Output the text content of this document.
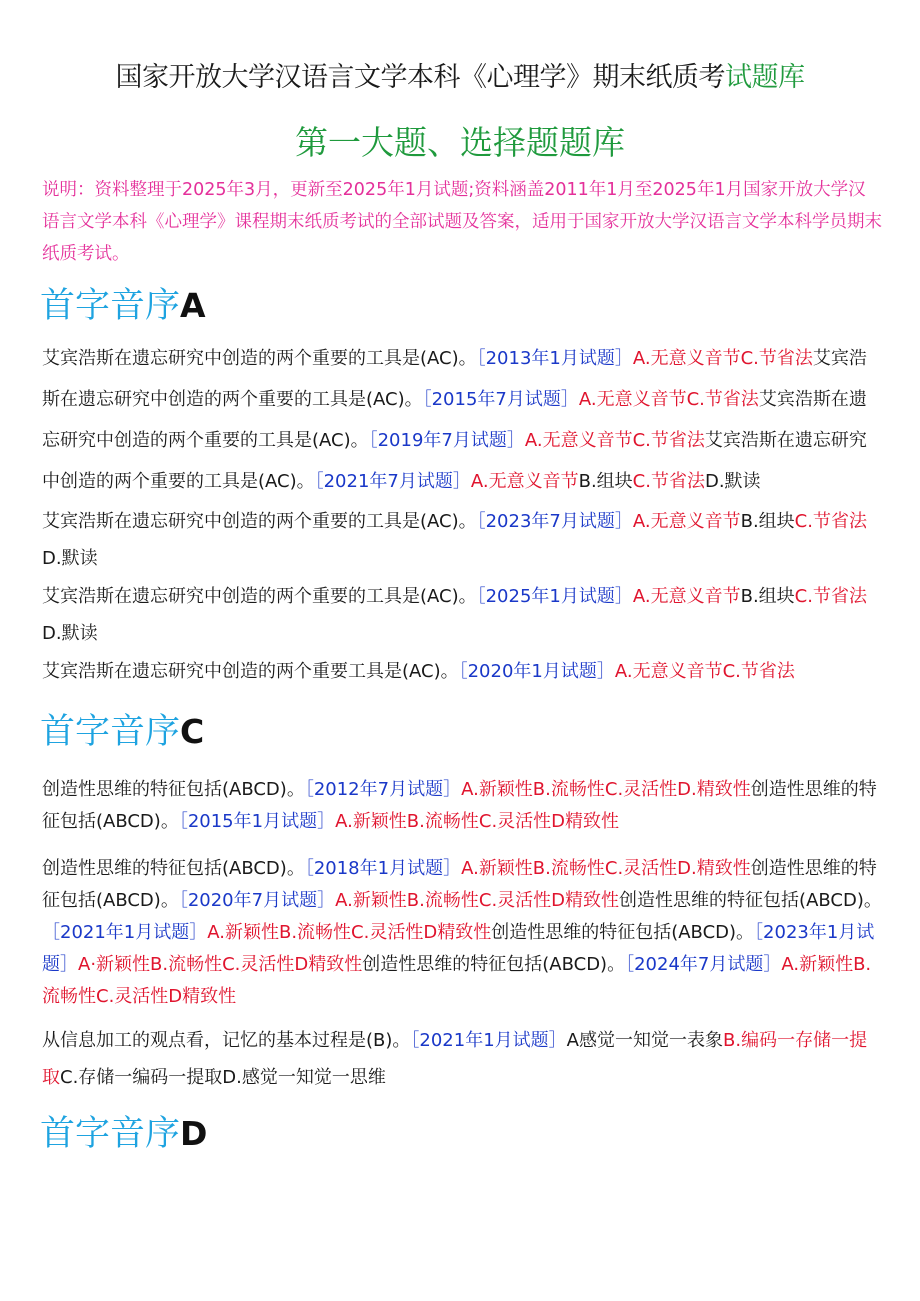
国家开放大学汉语言文学本科《心理学》期末纸质考试题库
第一大题、选择题题库
说明：资料整理于2025年3月，更新至2025年1月试题;资料涵盖2011年1月至2025年1月国家开放大学汉语言文学本科《心理学》课程期末纸质考试的全部试题及答案，适用于国家开放大学汉语言文学本科学员期末纸质考试。
首字音序A
艾宾浩斯在遗忘研究中创造的两个重要的工具是(AC)。［2013年1月试题］A.无意义音节C.节省法艾宾浩斯在遗忘研究中创造的两个重要的工具是(AC)。［2015年7月试题］A.无意义音节C.节省法艾宾浩斯在遗忘研究中创造的两个重要的工具是(AC)。［2019年7月试题］A.无意义音节C.节省法艾宾浩斯在遗忘研究中创造的两个重要的工具是(AC)。［2021年7月试题］A.无意义音节B.组块C.节省法D.默读
艾宾浩斯在遗忘研究中创造的两个重要的工具是(AC)。［2023年7月试题］A.无意义音节B.组块C.节省法D.默读
艾宾浩斯在遗忘研究中创造的两个重要的工具是(AC)。［2025年1月试题］A.无意义音节B.组块C.节省法D.默读
艾宾浩斯在遗忘研究中创造的两个重要工具是(AC)。［2020年1月试题］A.无意义音节C.节省法
首字音序C
创造性思维的特征包括(ABCD)。［2012年7月试题］A.新颖性B.流畅性C.灵活性D.精致性创造性思维的特征包括(ABCD)。［2015年1月试题］A.新颖性B.流畅性C.灵活性D精致性
创造性思维的特征包括(ABCD)。［2018年1月试题］A.新颖性B.流畅性C.灵活性D.精致性创造性思维的特征包括(ABCD)。［2020年7月试题］A.新颖性B.流畅性C.灵活性D精致性创造性思维的特征包括(ABCD)。［2021年1月试题］A.新颖性B.流畅性C.灵活性D精致性创造性思维的特征包括(ABCD)。［2023年1月试题］A·新颖性B.流畅性C.灵活性D精致性创造性思维的特征包括(ABCD)。［2024年7月试题］A.新颖性B.流畅性C.灵活性D精致性
从信息加工的观点看，记忆的基本过程是(B)。［2021年1月试题］A感觉一知觉一表象B.编码一存储一提取C.存储一编码一提取D.感觉一知觉一思维
首字音序D
